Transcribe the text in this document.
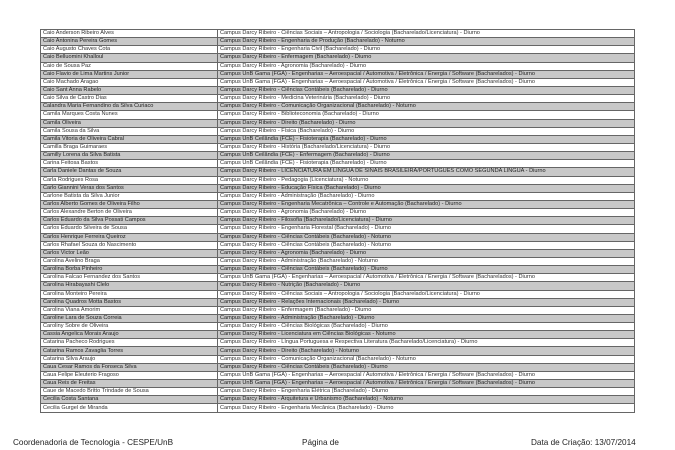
Caio Anderson Ribeiro Alves	Campus Darcy Ribeiro - Ciências Sociais – Antropologia / Sociologia (Bacharelado/Licenciatura) - Diurno
Caio Antonina Pereira Gomes	Campus Darcy Ribeiro - Engenharia de Produção (Bacharelado) - Noturno
Caio Augusto Chaves Cota	Campus Darcy Ribeiro - Engenharia Civil (Bacharelado) - Diurno
Caio Belluomini Khalloul	Campus Darcy Ribeiro - Enfermagem (Bacharelado) - Diurno
Caio de Sousa Paz	Campus Darcy Ribeiro - Agronomia (Bacharelado) - Diurno
Caio Flavio de Lima Martins Junior	Campus UnB Gama (FGA) - Engenharias – Aeroespacial / Automotiva / Eletrônica / Energia / Software (Bacharelados) - Diurno
Caio Machado Aragao	Campus UnB Gama (FGA) - Engenharias – Aeroespacial / Automotiva / Eletrônica / Energia / Software (Bacharelados) - Diurno
Caio Sant Anna Rabelo	Campus Darcy Ribeiro - Ciências Contábeis (Bacharelado) - Diurno
Caio Silva de Castro Dias	Campus Darcy Ribeiro - Medicina Veterinária (Bacharelado) - Diurno
Calandra Maria Fernandino da Silva Curiaco	Campus Darcy Ribeiro - Comunicação Organizacional (Bacharelado) - Noturno
Camila Marques Costa Nunes	Campus Darcy Ribeiro - Biblioteconomia (Bacharelado) - Diurno
Camila Oliveira	Campus Darcy Ribeiro - Direito (Bacharelado) - Diurno
Camila Sousa da Silva	Campus Darcy Ribeiro - Física (Bacharelado) - Diurno
Camila Vitoria de Oliveira Cabral	Campus UnB Ceilândia (FCE) - Fisioterapia (Bacharelado) - Diurno
Camilla Braga Guimaraes	Campus Darcy Ribeiro - História (Bacharelado/Licenciatura) - Diurno
Camilly Lorena da Silva Batista	Campus UnB Ceilândia (FCE) - Enfermagem (Bacharelado) - Diurno
Carina Feitosa Bastos	Campus UnB Ceilândia (FCE) - Fisioterapia (Bacharelado) - Diurno
Carla Daniele Dantas de Souza	Campus Darcy Ribeiro - LICENCIATURA EM LÍNGUA DE SINAIS BRASILEIRA/PORTUGUÊS COMO SEGUNDA LÍNGUA - Diurno
Carla Rodrigues Rosa	Campus Darcy Ribeiro - Pedagogia (Licenciatura) - Noturno
Carlo Giannini Veras dos Santos	Campus Darcy Ribeiro - Educação Física (Bacharelado) - Diurno
Carlone Batista da Silva Junior	Campus Darcy Ribeiro - Administração (Bacharelado) - Diurno
Carlos Alberto Gomes de Oliveira Filho	Campus Darcy Ribeiro - Engenharia Mecatrônica – Controle e Automação (Bacharelado) - Diurno
Carlos Alexandre Berton de Oliveira	Campus Darcy Ribeiro - Agronomia (Bacharelado) - Diurno
Carlos Eduardo da Silva Possati Campos	Campus Darcy Ribeiro - Filosofia (Bacharelado/Licenciatura) - Diurno
Carlos Eduardo Silveira de Sousa	Campus Darcy Ribeiro - Engenharia Florestal (Bacharelado) - Diurno
Carlos Henrique Ferreira Queiroz	Campus Darcy Ribeiro - Ciências Contábeis (Bacharelado) - Noturno
Carlos Rhafael Souza do Nascimento	Campus Darcy Ribeiro - Ciências Contábeis (Bacharelado) - Noturno
Carlos Victor Leão	Campus Darcy Ribeiro - Agronomia (Bacharelado) - Diurno
Carolina Avelino Braga	Campus Darcy Ribeiro - Administração (Bacharelado) - Noturno
Carolina Borba Pinheiro	Campus Darcy Ribeiro - Ciências Contábeis (Bacharelado) - Diurno
Carolina Falcao Fernandez dos Santos	Campus UnB Gama (FGA) - Engenharias – Aeroespacial / Automotiva / Eletrônica / Energia / Software (Bacharelados) - Diurno
Carolina Hirabayashi Clelo	Campus Darcy Ribeiro - Nutrição (Bacharelado) - Diurno
Carolina Monteiro Pereira	Campus Darcy Ribeiro - Ciências Sociais – Antropologia / Sociologia (Bacharelado/Licenciatura) - Diurno
Carolina Quadros Motta Bastos	Campus Darcy Ribeiro - Relações Internacionais (Bacharelado) - Diurno
Carolina Viana Amorim	Campus Darcy Ribeiro - Enfermagem (Bacharelado) - Diurno
Caroline Lara de Souza Correia	Campus Darcy Ribeiro - Administração (Bacharelado) - Diurno
Caroliny Sobre de Oliveira	Campus Darcy Ribeiro - Ciências Biológicas (Bacharelado) - Diurno
Cassia Angelica Morais Araujo	Campus Darcy Ribeiro - Licenciatura em Ciências Biológicas - Noturno
Catarina Pacheco Rodrigues	Campus Darcy Ribeiro - Língua Portuguesa e Respectiva Literatura (Bacharelado/Licenciatura) - Diurno
Catarina Ramos Zavaglia Torres	Campus Darcy Ribeiro - Direito (Bacharelado) - Noturno
Catarina Silva Araujo	Campus Darcy Ribeiro - Comunicação Organizacional (Bacharelado) - Noturno
Caua Cesar Ramos da Fonseca Silva	Campus Darcy Ribeiro - Ciências Contábeis (Bacharelado) - Diurno
Caua Felipe Eleuterio Fragoso	Campus UnB Gama (FGA) - Engenharias – Aeroespacial / Automotiva / Eletrônica / Energia / Software (Bacharelados) - Diurno
Caua Reis de Freitas	Campus UnB Gama (FGA) - Engenharias – Aeroespacial / Automotiva / Eletrônica / Energia / Software (Bacharelados) - Diurno
Caue de Macedo Britto Trindade de Sousa	Campus Darcy Ribeiro - Engenharia Elétrica (Bacharelado) - Diurno
Cecilia Costa Santana	Campus Darcy Ribeiro - Arquitetura e Urbanismo (Bacharelado) - Noturno
Cecilia Gurgel de Miranda	Campus Darcy Ribeiro - Engenharia Mecânica (Bacharelado) - Diurno
Coordenadoria de Tecnologia - CESPE/UnB	Página de	Data de Criação: 13/07/2014
